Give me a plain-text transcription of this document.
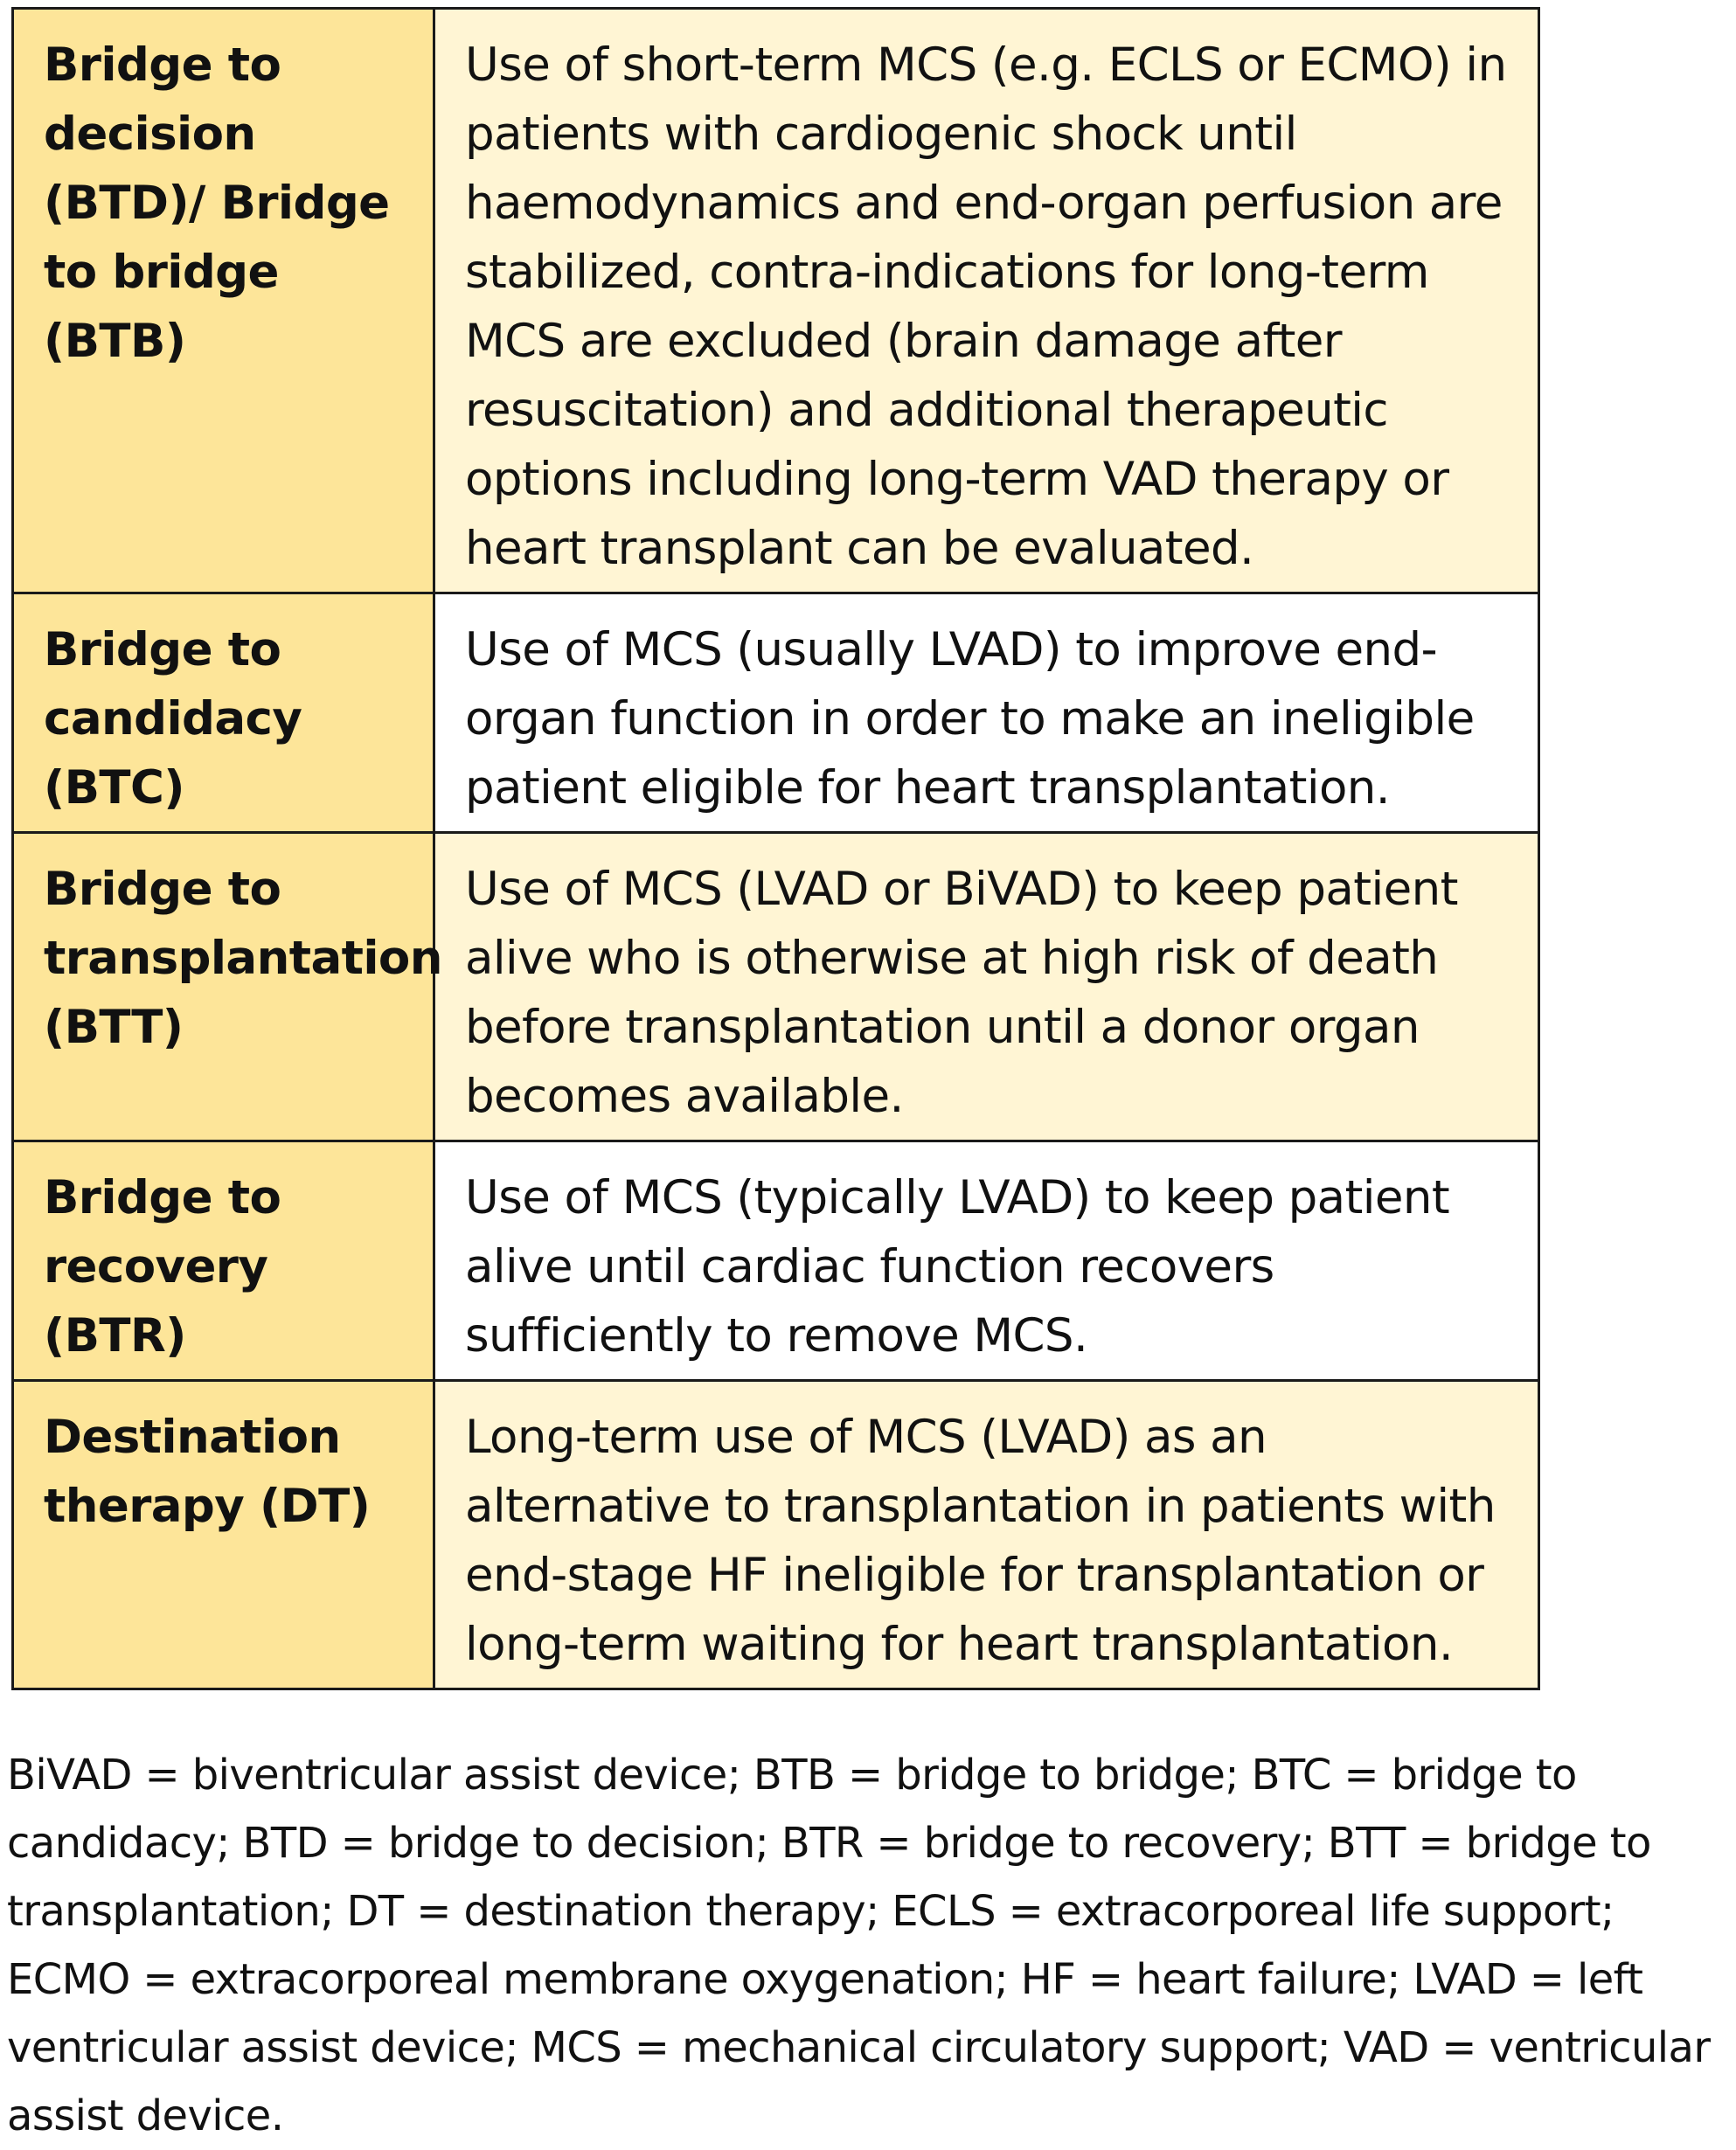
Bridge to decision (BTD)/ Bridge to bridge (BTB)	Use of short-term MCS (e.g. ECLS or ECMO) in patients with cardiogenic shock until haemodynamics and end-organ perfusion are stabilized, contra-indications for long-term MCS are excluded (brain damage after resuscitation) and additional therapeutic options including long-term VAD therapy or heart transplant can be evaluated.
Bridge to candidacy (BTC)	Use of MCS (usually LVAD) to improve end-organ function in order to make an ineligible patient eligible for heart transplantation.
Bridge to transplantation (BTT)	Use of MCS (LVAD or BiVAD) to keep patient alive who is otherwise at high risk of death before transplantation until a donor organ becomes available.
Bridge to recovery (BTR)	Use of MCS (typically LVAD) to keep patient alive until cardiac function recovers sufficiently to remove MCS.
Destination therapy (DT)	Long-term use of MCS (LVAD) as an alternative to transplantation in patients with end-stage HF ineligible for transplantation or long-term waiting for heart transplantation.

BiVAD = biventricular assist device; BTB = bridge to bridge; BTC = bridge to candidacy; BTD = bridge to decision; BTR = bridge to recovery; BTT = bridge to transplantation; DT = destination therapy; ECLS = extracorporeal life support; ECMO = extracorporeal membrane oxygenation; HF = heart failure; LVAD = left ventricular assist device; MCS = mechanical circulatory support; VAD = ventricular assist device.
